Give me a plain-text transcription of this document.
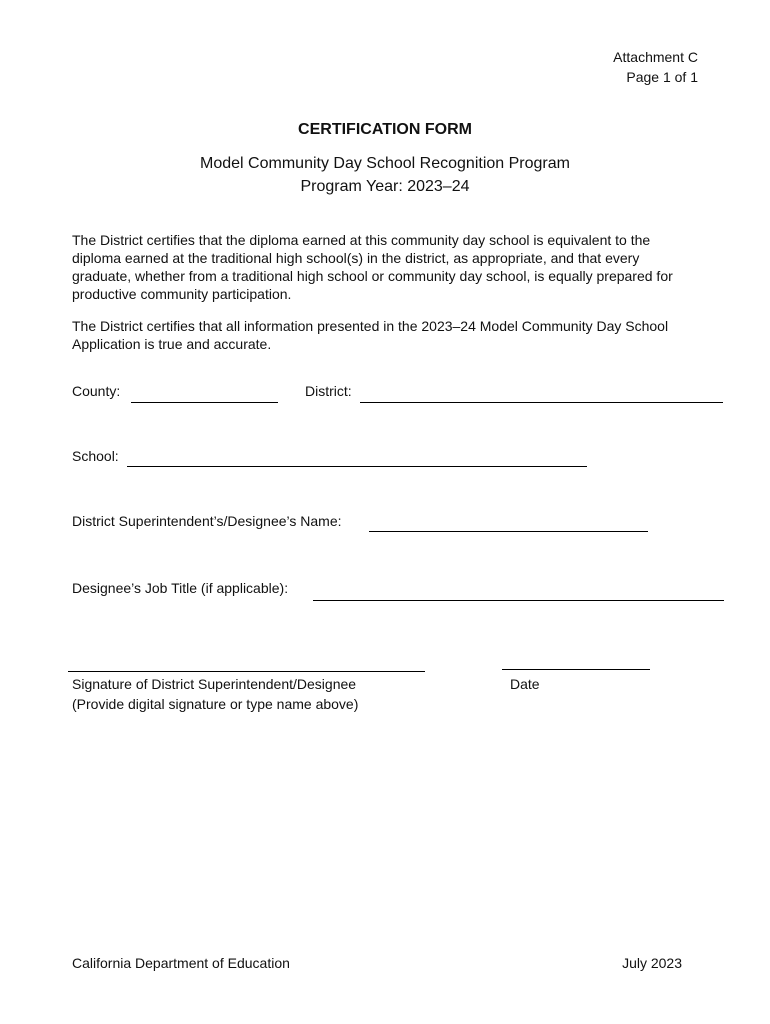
Attachment C
Page 1 of 1
CERTIFICATION FORM
Model Community Day School Recognition Program
Program Year: 2023–24
The District certifies that the diploma earned at this community day school is equivalent to the diploma earned at the traditional high school(s) in the district, as appropriate, and that every graduate, whether from a traditional high school or community day school, is equally prepared for productive community participation.
The District certifies that all information presented in the 2023–24 Model Community Day School Application is true and accurate.
County:	District:
School:
District Superintendent’s/Designee’s Name:
Designee’s Job Title (if applicable):
Signature of District Superintendent/Designee
(Provide digital signature or type name above)
Date
California Department of Education	July 2023
